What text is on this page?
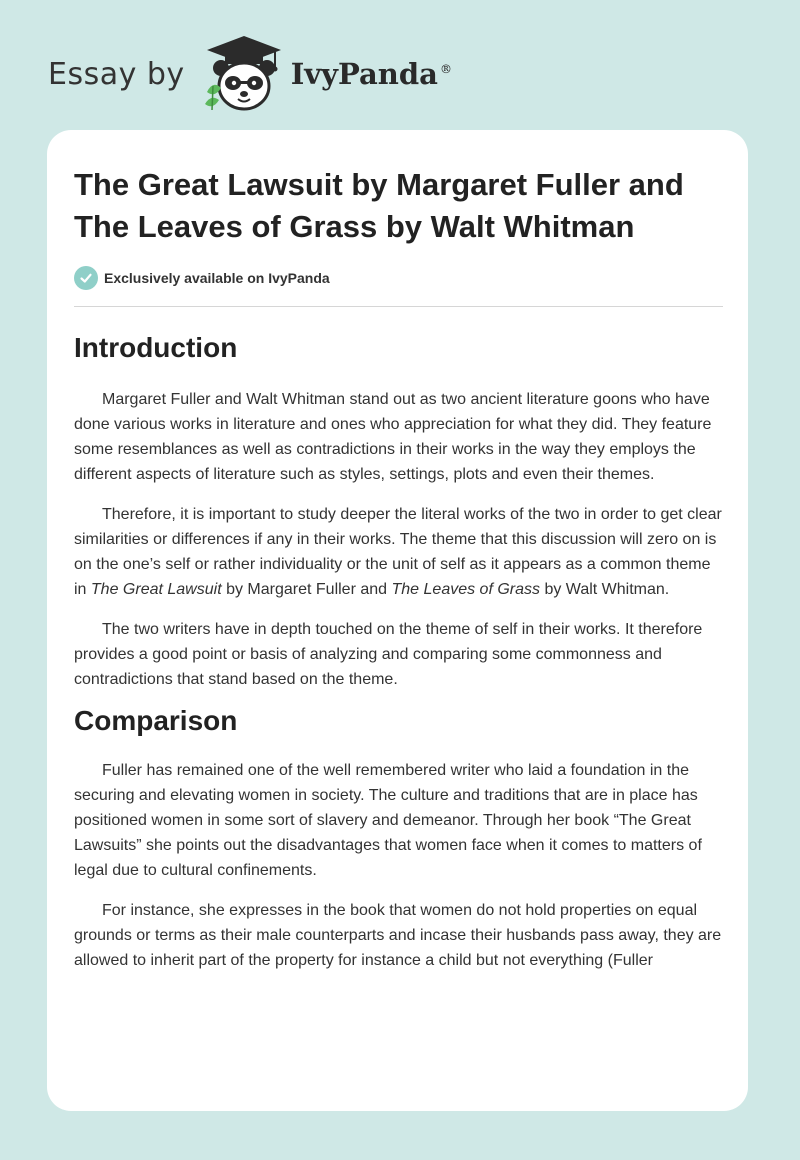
Essay by	IvyPanda ®
The Great Lawsuit by Margaret Fuller and The Leaves of Grass by Walt Whitman
Exclusively available on IvyPanda
Introduction

Margaret Fuller and Walt Whitman stand out as two ancient literature goons who have done various works in literature and ones who appreciation for what they did. They feature some resemblances as well as contradictions in their works in the way they employs the different aspects of literature such as styles, settings, plots and even their themes.

Therefore, it is important to study deeper the literal works of the two in order to get clear similarities or differences if any in their works. The theme that this discussion will zero on is on the one’s self or rather individuality or the unit of self as it appears as a common theme in The Great Lawsuit by Margaret Fuller and The Leaves of Grass by Walt Whitman.

The two writers have in depth touched on the theme of self in their works. It therefore provides a good point or basis of analyzing and comparing some commonness and contradictions that stand based on the theme.

Comparison

Fuller has remained one of the well remembered writer who laid a foundation in the securing and elevating women in society. The culture and traditions that are in place has positioned women in some sort of slavery and demeanor. Through her book “The Great Lawsuits” she points out the disadvantages that women face when it comes to matters of legal due to cultural confinements.

For instance, she expresses in the book that women do not hold properties on equal grounds or terms as their male counterparts and incase their husbands pass away, they are allowed to inherit part of the property for instance a child but not everything (Fuller
